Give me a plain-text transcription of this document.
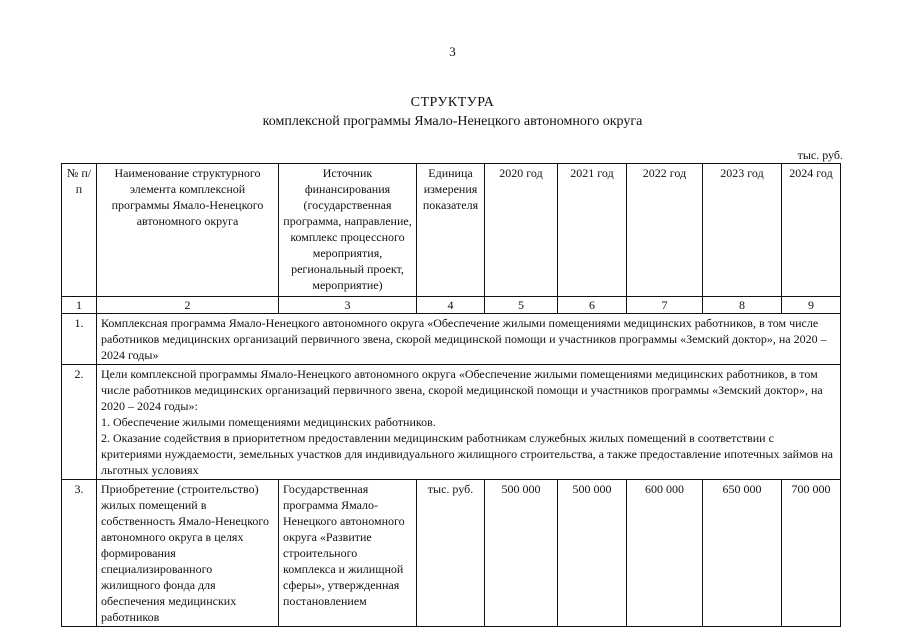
3
СТРУКТУРА
комплексной программы Ямало-Ненецкого автономного округа
тыс. руб.
№ п/п	Наименование структурного элемента комплексной программы Ямало-Ненецкого автономного округа	Источник финансирования (государственная программа, направление, комплекс процессного мероприятия, региональный проект, мероприятие)	Единица измерения показателя	2020 год	2021 год	2022 год	2023 год	2024 год
1	2	3	4	5	6	7	8	9
1.	Комплексная программа Ямало-Ненецкого автономного округа «Обеспечение жилыми помещениями медицинских работников, в том числе работников медицинских организаций первичного звена, скорой медицинской помощи и участников программы «Земский доктор», на 2020 – 2024 годы»							
2.	Цели комплексной программы Ямало-Ненецкого автономного округа «Обеспечение жилыми помещениями медицинских работников, в том числе работников медицинских организаций первичного звена, скорой медицинской помощи и участников программы «Земский доктор», на 2020 – 2024 годы»:
1. Обеспечение жилыми помещениями медицинских работников.
2. Оказание содействия в приоритетном предоставлении медицинским работникам служебных жилых помещений в соответствии с критериями нуждаемости, земельных участков для индивидуального жилищного строительства, а также предоставление ипотечных займов на льготных условиях							

3.	Приобретение (строительство) жилых помещений в собственность Ямало-Ненецкого автономного округа в целях формирования специализированного жилищного фонда для обеспечения медицинских работников	Государственная программа Ямало-Ненецкого автономного округа «Развитие строительного комплекса и жилищной сферы», утвержденная постановлением	тыс. руб.	500 000	500 000	600 000	650 000	700 000
